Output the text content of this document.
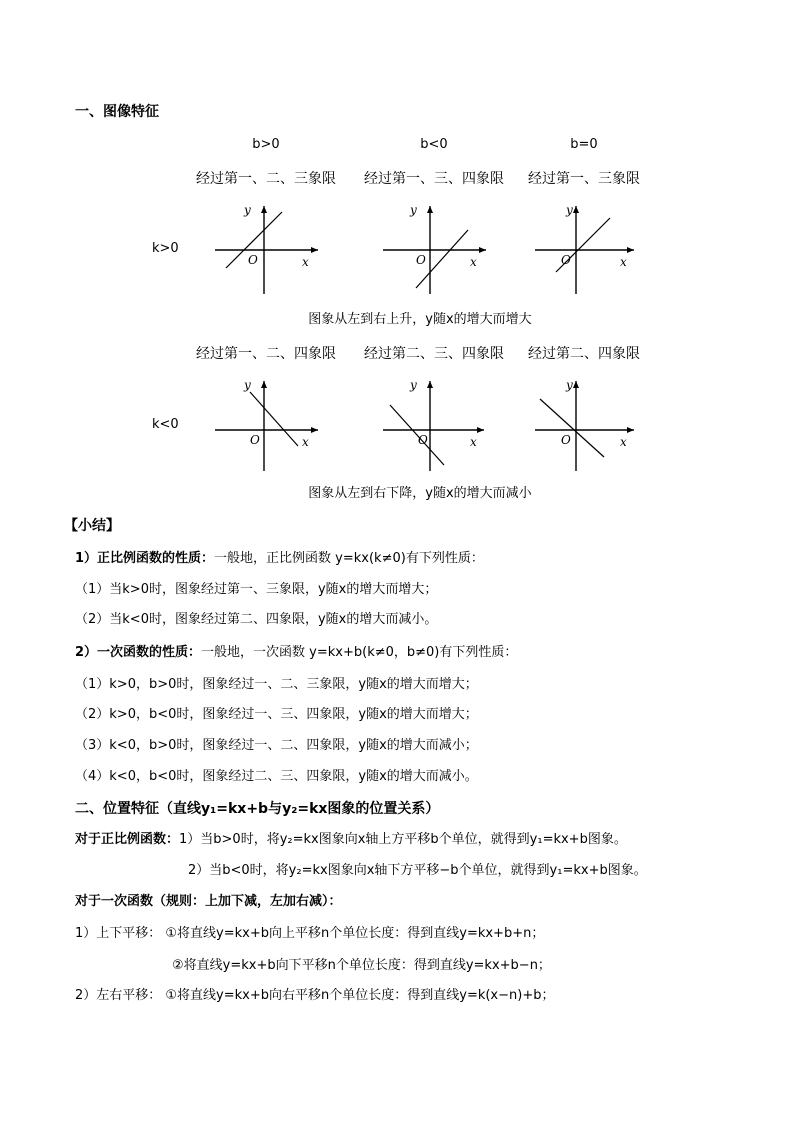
一、图像特征
b>0	b<0	b=0
经过第一、二、三象限 经过第一、三、四象限 经过第一、三象限
k>0
y
O	x
y
O	x
y
O	x
图象从左到右上升，y随x的增大而增大
经过第一、二、四象限 经过第二、三、四象限 经过第二、四象限
k<0
y
O	x
y
O	x
y
O	x
图象从左到右下降，y随x的增大而减小
【小结】
1）正比例函数的性质：一般地，正比例函数 y=kx(k≠0)有下列性质：
（1）当k>0时，图象经过第一、三象限，y随x的增大而增大；
（2）当k<0时，图象经过第二、四象限，y随x的增大而减小。
2）一次函数的性质：一般地，一次函数 y=kx+b(k≠0，b≠0)有下列性质：
（1）k>0，b>0时，图象经过一、二、三象限，y随x的增大而增大；
（2）k>0，b<0时，图象经过一、三、四象限，y随x的增大而增大；
（3）k<0，b>0时，图象经过一、二、四象限，y随x的增大而减小；
（4）k<0，b<0时，图象经过二、三、四象限，y随x的增大而减小。
二、位置特征（直线y₁=kx+b与y₂=kx图象的位置关系）
对于正比例函数：1）当b>0时，将y₂=kx图象向x轴上方平移b个单位，就得到y₁=kx+b图象。
2）当b<0时，将y₂=kx图象向x轴下方平移−b个单位，就得到y₁=kx+b图象。
对于一次函数（规则：上加下减，左加右减）：
1）上下平移： ①将直线y=kx+b向上平移n个单位长度：得到直线y=kx+b+n；
②将直线y=kx+b向下平移n个单位长度：得到直线y=kx+b−n；
2）左右平移： ①将直线y=kx+b向右平移n个单位长度：得到直线y=k(x−n)+b；
